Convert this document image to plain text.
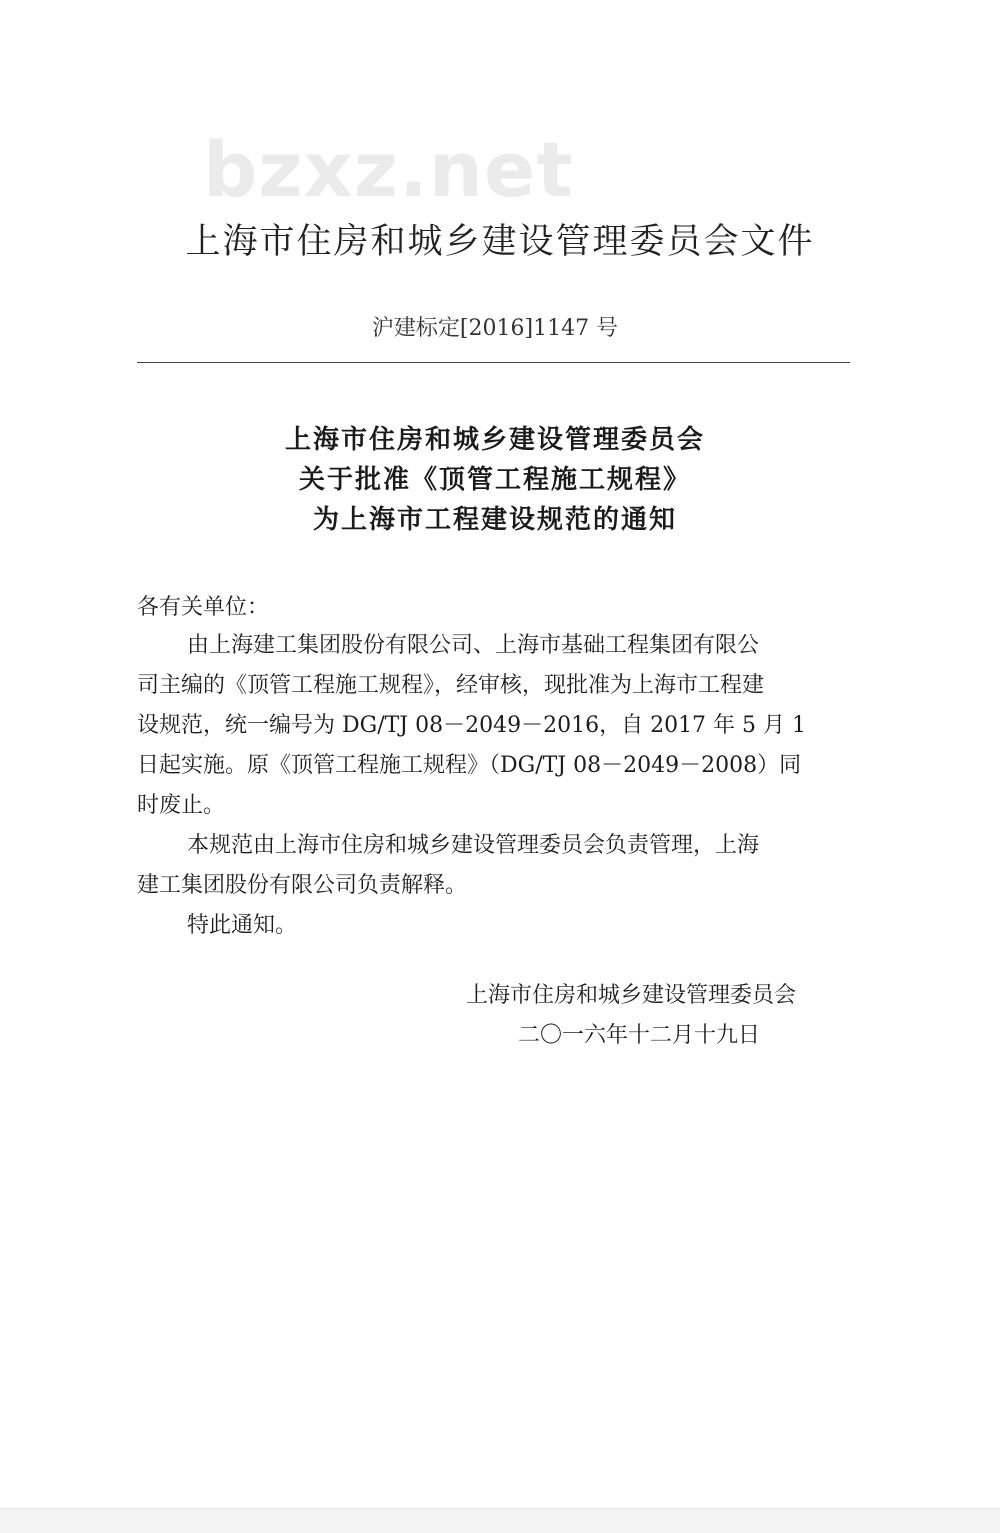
bzxz.net
上海市住房和城乡建设管理委员会文件
沪建标定[2016]1147 号
上海市住房和城乡建设管理委员会
关于批准《顶管工程施工规程》
为上海市工程建设规范的通知
各有关单位：
由上海建工集团股份有限公司、上海市基础工程集团有限公
司主编的《顶管工程施工规程》，经审核，现批准为上海市工程建
设规范，统一编号为 DG/TJ 08－2049－2016，自 2017 年 5 月 1
日起实施。原《顶管工程施工规程》（DG/TJ 08－2049－2008）同
时废止。
本规范由上海市住房和城乡建设管理委员会负责管理，上海
建工集团股份有限公司负责解释。
特此通知。
上海市住房和城乡建设管理委员会
二〇一六年十二月十九日
